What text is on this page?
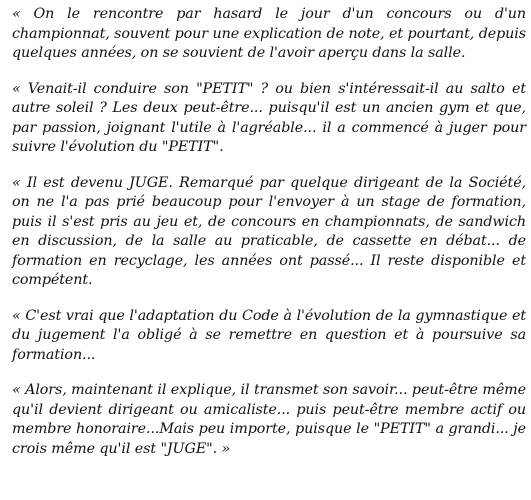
« On le rencontre par hasard le jour d'un concours ou d'un championnat, souvent pour une explication de note, et pourtant, depuis quelques années, on se souvient de l'avoir aperçu dans la salle.

« Venait-il conduire son "PETIT" ? ou bien s'intéressait-il au salto et autre soleil ? Les deux peut-être... puisqu'il est un ancien gym et que, par passion, joignant l'utile à l'agréable... il a commencé à juger pour suivre l'évolution du "PETIT".

« Il est devenu JUGE. Remarqué par quelque dirigeant de la Société, on ne l'a pas prié beaucoup pour l'envoyer à un stage de formation, puis il s'est pris au jeu et, de concours en championnats, de sandwich en discussion, de la salle au praticable, de cassette en débat... de formation en recyclage, les années ont passé... Il reste disponible et compétent.

« C'est vrai que l'adaptation du Code à l'évolution de la gymnastique et du jugement l'a obligé à se remettre en question et à poursuive sa formation...

« Alors, maintenant il explique, il transmet son savoir... peut-être même qu'il devient dirigeant ou amicaliste... puis peut-être membre actif ou membre honoraire...Mais peu importe, puisque le "PETIT" a grandi... je crois même qu'il est "JUGE". »
